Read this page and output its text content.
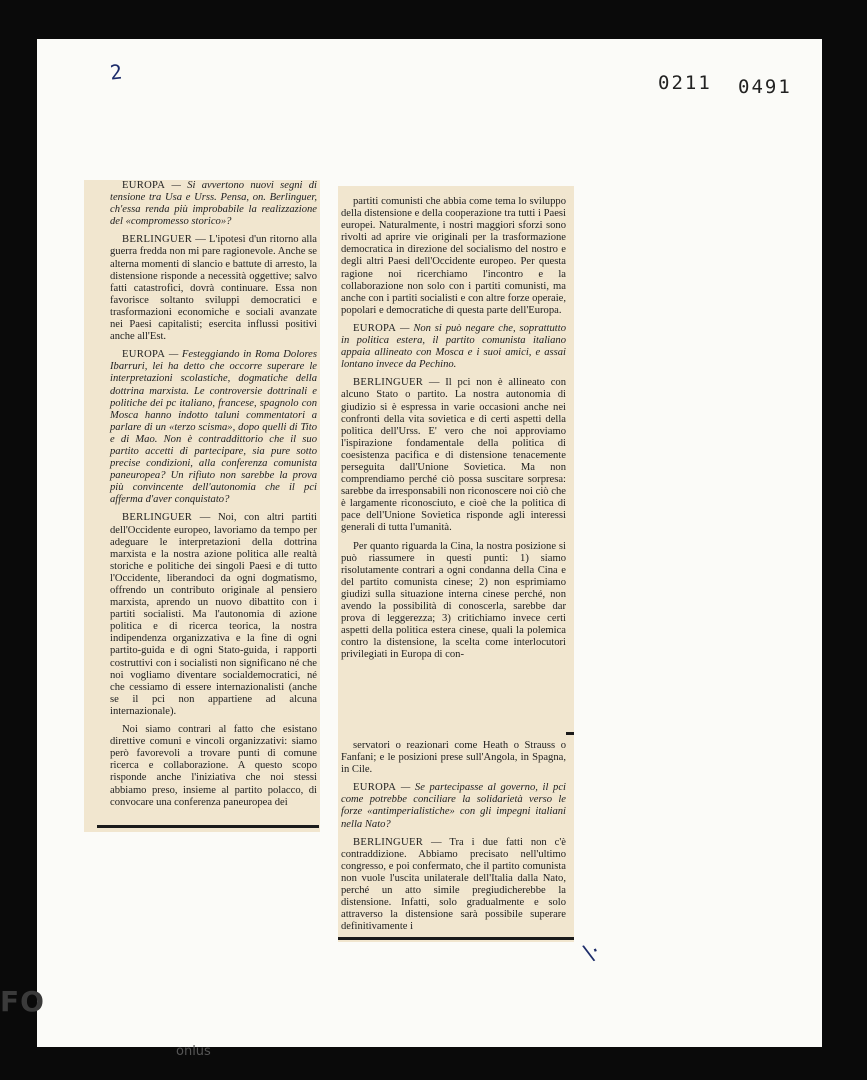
2	0211 0491

EUROPA — Si avvertono nuovi segni di tensione tra Usa e Urss. Pensa, on. Berlinguer, ch'essa renda più improbabile la realizzazione del «compromesso storico»?

BERLINGUER — L'ipotesi d'un ritorno alla guerra fredda non mi pare ragionevole. Anche se alterna momenti di slancio e battute di arresto, la distensione risponde a necessità oggettive; salvo fatti catastrofici, dovrà continuare. Essa non favorisce soltanto sviluppi democratici e trasformazioni economiche e sociali avanzate nei Paesi capitalisti; esercita influssi positivi anche all'Est.

EUROPA — Festeggiando in Roma Dolores Ibarruri, lei ha detto che occorre superare le interpretazioni scolastiche, dogmatiche della dottrina marxista. Le controversie dottrinali e politiche dei pc italiano, francese, spagnolo con Mosca hanno indotto taluni commentatori a parlare di un «terzo scisma», dopo quelli di Tito e di Mao. Non è contraddittorio che il suo partito accetti di partecipare, sia pure sotto precise condizioni, alla conferenza comunista paneuropea? Un rifiuto non sarebbe la prova più convincente dell'autonomia che il pci afferma d'aver conquistato?

BERLINGUER — Noi, con altri partiti dell'Occidente europeo, lavoriamo da tempo per adeguare le interpretazioni della dottrina marxista e la nostra azione politica alle realtà storiche e politiche dei singoli Paesi e di tutto l'Occidente, liberandoci da ogni dogmatismo, offrendo un contributo originale al pensiero marxista, aprendo un nuovo dibattito con i partiti socialisti. Ma l'autonomia di azione politica e di ricerca teorica, la nostra indipendenza organizzativa e la fine di ogni partito-guida e di ogni Stato-guida, i rapporti costruttivi con i socialisti non significano né che noi vogliamo diventare socialdemocratici, né che cessiamo di essere internazionalisti (anche se il pci non appartiene ad alcuna internazionale).

Noi siamo contrari al fatto che esistano direttive comuni e vincoli organizzativi: siamo però favorevoli a trovare punti di comune ricerca e collaborazione. A questo scopo risponde anche l'iniziativa che noi stessi abbiamo preso, insieme al partito polacco, di convocare una conferenza paneuropea dei

partiti comunisti che abbia come tema lo sviluppo della distensione e della cooperazione tra tutti i Paesi europei. Naturalmente, i nostri maggiori sforzi sono rivolti ad aprire vie originali per la trasformazione democratica in direzione del socialismo del nostro e degli altri Paesi dell'Occidente europeo. Per questa ragione noi ricerchiamo l'incontro e la collaborazione non solo con i partiti comunisti, ma anche con i partiti socialisti e con altre forze operaie, popolari e democratiche di questa parte dell'Europa.

EUROPA — Non si può negare che, soprattutto in politica estera, il partito comunista italiano appaia allineato con Mosca e i suoi amici, e assai lontano invece da Pechino.

BERLINGUER — Il pci non è allineato con alcuno Stato o partito. La nostra autonomia di giudizio si è espressa in varie occasioni anche nei confronti della vita sovietica e di certi aspetti della politica dell'Urss. E' vero che noi approviamo l'ispirazione fondamentale della politica di coesistenza pacifica e di distensione tenacemente perseguita dall'Unione Sovietica. Ma non comprendiamo perché ciò possa suscitare sorpresa: sarebbe da irresponsabili non riconoscere noi ciò che è largamente riconosciuto, e cioè che la politica di pace dell'Unione Sovietica risponde agli interessi generali di tutta l'umanità.

Per quanto riguarda la Cina, la nostra posizione si può riassumere in questi punti: 1) siamo risolutamente contrari a ogni condanna della Cina e del partito comunista cinese; 2) non esprimiamo giudizi sulla situazione interna cinese perché, non avendo la possibilità di conoscerla, sarebbe dar prova di leggerezza; 3) critichiamo invece certi aspetti della politica estera cinese, quali la polemica contro la distensione, la scelta come interlocutori privilegiati in Europa di con-

servatori o reazionari come Heath o Strauss o Fanfani; e le posizioni prese sull'Angola, in Spagna, in Cile.

EUROPA — Se partecipasse al governo, il pci come potrebbe conciliare la solidarietà verso le forze «antimperialistiche» con gli impegni italiani nella Nato?

BERLINGUER — Tra i due fatti non c'è contraddizione. Abbiamo precisato nell'ultimo congresso, e poi confermato, che il partito comunista non vuole l'uscita unilaterale dell'Italia dalla Nato, perché un atto simile pregiudicherebbe la distensione. Infatti, solo gradualmente e solo attraverso la distensione sarà possibile superare definitivamente i

\·
FO
onlus
